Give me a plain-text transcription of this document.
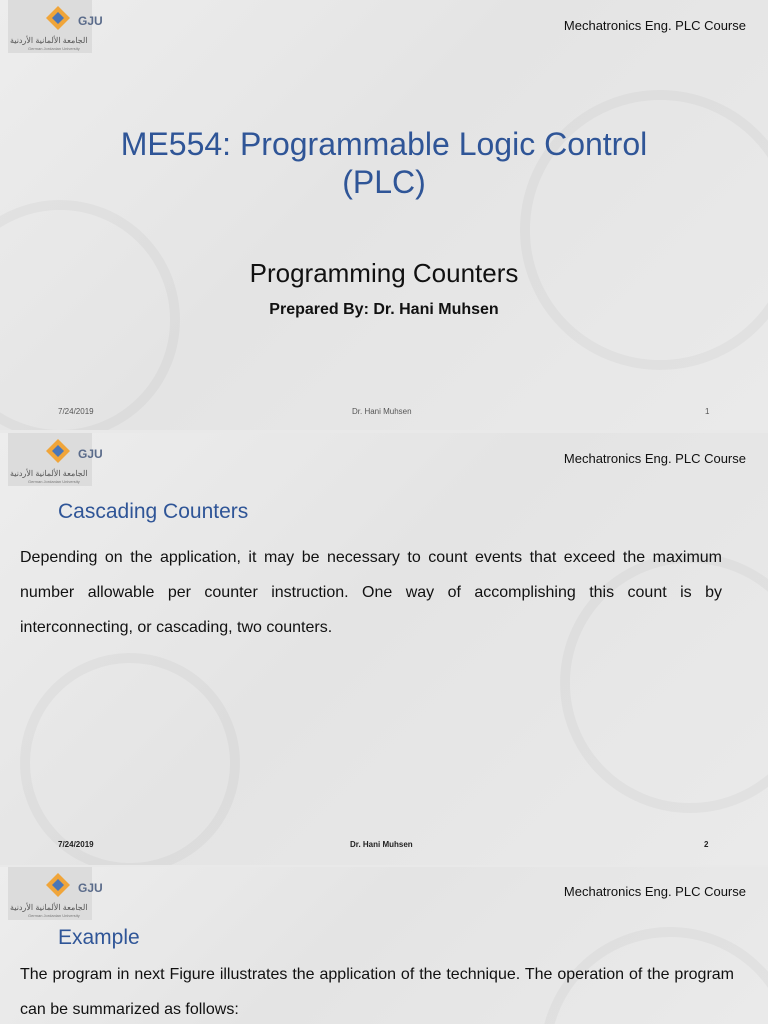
GJU
الجامعة الألمانية الأردنية
German Jordanian University
Mechatronics Eng. PLC Course
ME554: Programmable Logic Control
(PLC)
Programming Counters
Prepared By: Dr. Hani Muhsen
7/24/2019	Dr. Hani Muhsen	1
GJU
الجامعة الألمانية الأردنية
German Jordanian University
Mechatronics Eng. PLC Course
Cascading Counters
Depending on the application, it may be necessary to count events that exceed the maximum number allowable per counter instruction. One way of accomplishing this count is by interconnecting, or cascading, two counters.
7/24/2019	Dr. Hani Muhsen	2
GJU
الجامعة الألمانية الأردنية
German Jordanian University
Mechatronics Eng. PLC Course
Example
The program in next Figure illustrates the application of the technique. The operation of the program can be summarized as follows:
